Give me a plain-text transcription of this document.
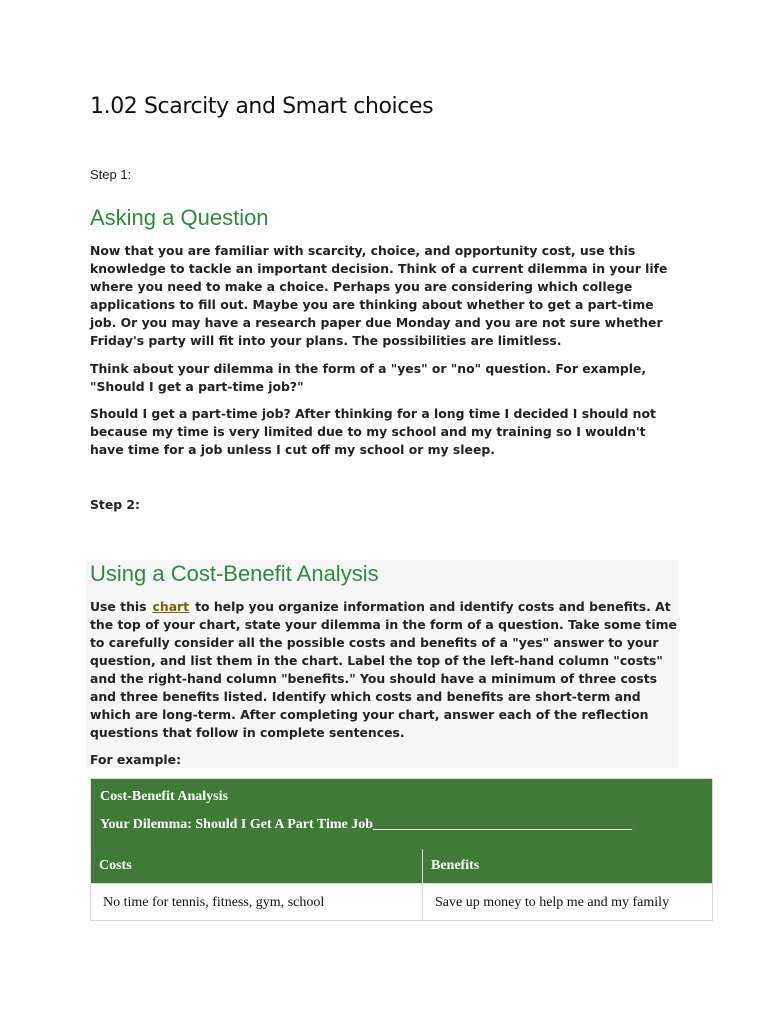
1.02 Scarcity and Smart choices
Step 1:
Asking a Question

Now that you are familiar with scarcity, choice, and opportunity cost, use this knowledge to tackle an important decision. Think of a current dilemma in your life where you need to make a choice. Perhaps you are considering which college applications to fill out. Maybe you are thinking about whether to get a part-time job. Or you may have a research paper due Monday and you are not sure whether Friday's party will fit into your plans. The possibilities are limitless.

Think about your dilemma in the form of a "yes" or "no" question. For example, "Should I get a part-time job?"

Should I get a part-time job? After thinking for a long time I decided I should not because my time is very limited due to my school and my training so I wouldn't have time for a job unless I cut off my school or my sleep.

Step 2:
Using a Cost-Benefit Analysis

Use this chart to help you organize information and identify costs and benefits. At the top of your chart, state your dilemma in the form of a question. Take some time to carefully consider all the possible costs and benefits of a "yes" answer to your question, and list them in the chart. Label the top of the left-hand column "costs" and the right-hand column "benefits." You should have a minimum of three costs and three benefits listed. Identify which costs and benefits are short-term and which are long-term. After completing your chart, answer each of the reflection questions that follow in complete sentences.

For example:

Cost-Benefit Analysis
Your Dilemma: Should I Get A Part Time Job_____________________________________
Costs	Benefits
No time for tennis, fitness, gym, school	Save up money to help me and my family
